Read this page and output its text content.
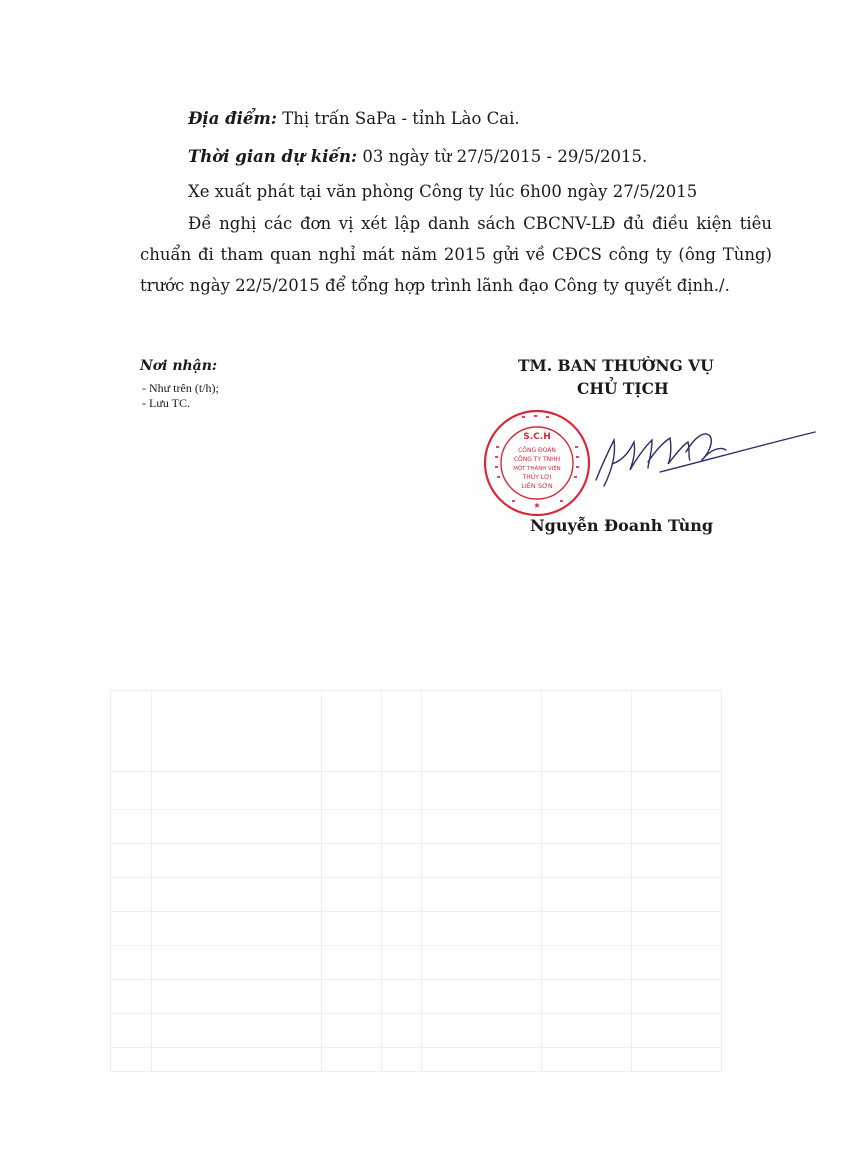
Địa điểm: Thị trấn SaPa - tỉnh Lào Cai.
Thời gian dự kiến: 03 ngày từ 27/5/2015 - 29/5/2015.
Xe xuất phát tại văn phòng Công ty lúc 6h00 ngày 27/5/2015
Đề nghị các đơn vị xét lập danh sách CBCNV-LĐ đủ điều kiện tiêu chuẩn đi tham quan nghỉ mát năm 2015 gửi về CĐCS công ty (ông Tùng) trước ngày 22/5/2015 để tổng hợp trình lãnh đạo Công ty quyết định./.
Nơi nhận:
- Như trên (t/h);
- Lưu TC.
TM. BAN THƯỜNG VỤ
CHỦ TỊCH
S.C.H
CÔNG ĐOÀN
CÔNG TY TNHH
MỘT THÀNH VIÊN
THỦY LỢI
LIÊN SƠN
★
Nguyễn Đoanh Tùng
